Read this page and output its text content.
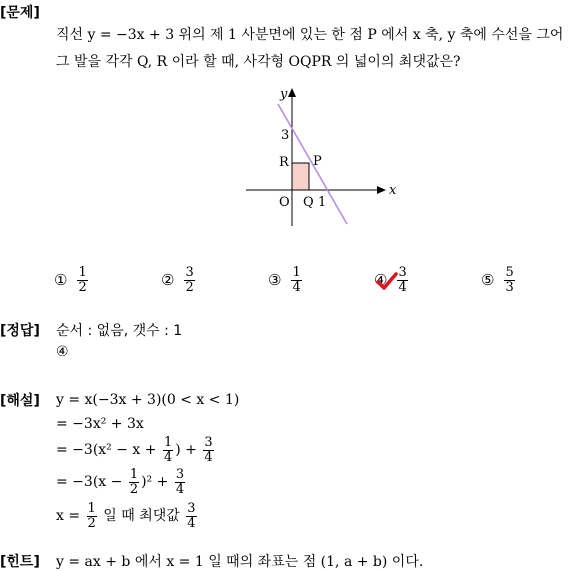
[문제]
직선 y = −3x + 3 위의 제 1 사분면에 있는 한 점 P 에서 x 축, y 축에 수선을 그어
그 발을 각각 Q, R 이라 할 때, 사각형 OQPR 의 넓이의 최댓값은?
y
x
3
R P
O Q 1
① $\frac{1}{2}$	② $\frac{3}{2}$	③ $\frac{1}{4}$	④ $\frac{3}{4}$	⑤ $\frac{5}{3}$
[정답] 순서 : 없음, 갯수 : 1
④
[해설] y = x(−3x + 3)(0 < x < 1)
= −3x² + 3x
= $-3(x^2 - x + \frac{1}{4}$ ) + $\frac{3}{4}$
= $-3(x - \frac{1}{2} )^2 + \frac{3}{4}$
$x = \frac{1}{2}$ 일 때 최댓값 $\frac{3}{4}$
[힌트] y = ax + b 에서 x = 1 일 때의 좌표는 점 (1, a + b) 이다.
